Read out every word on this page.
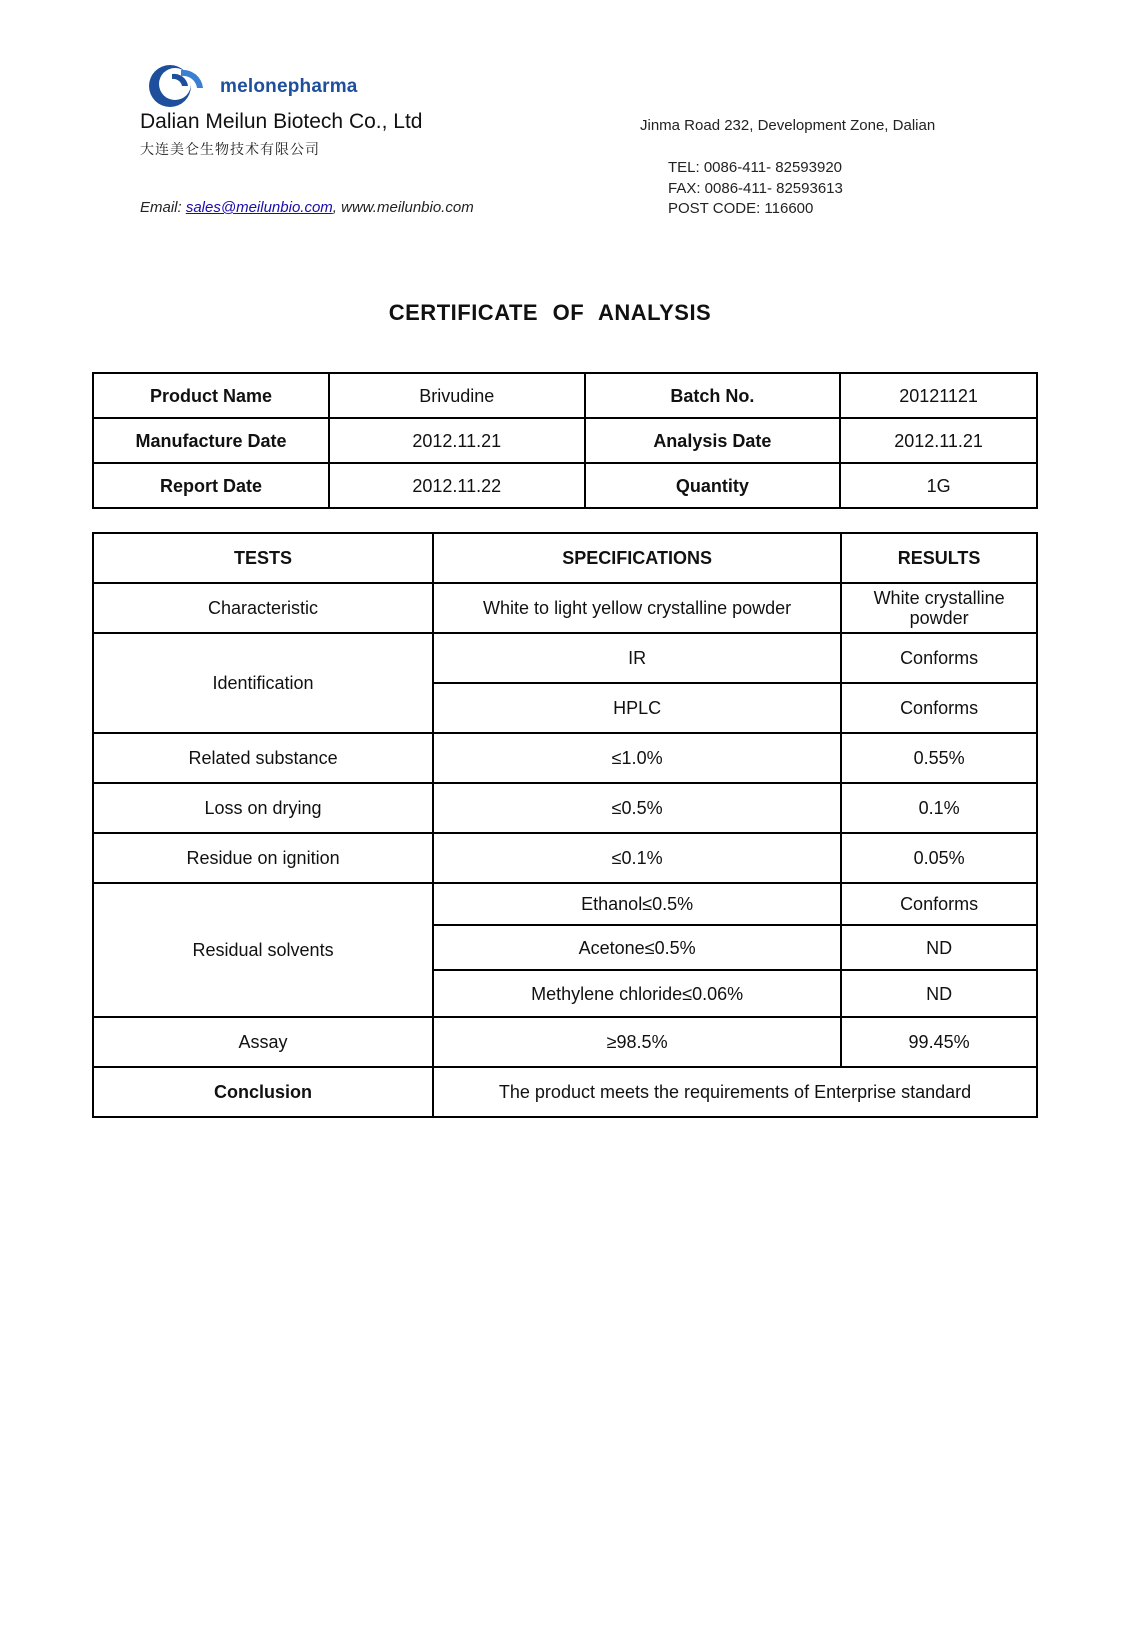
melonepharma
Dalian Meilun Biotech Co., Ltd
大连美仑生物技术有限公司
Email: sales@meilunbio.com, www.meilunbio.com
Jinma Road 232, Development Zone, Dalian
TEL: 0086-411- 82593920
FAX: 0086-411- 82593613
POST CODE: 116600
CERTIFICATE OF ANALYSIS
Product Name	Brivudine	Batch No.	20121121
Manufacture Date	2012.11.21	Analysis Date	2012.11.21
Report Date	2012.11.22	Quantity	1G
TESTS	SPECIFICATIONS	RESULTS
Characteristic	White to light yellow crystalline powder	White crystalline powder
Identification	IR	Conforms
	HPLC	Conforms
Related substance	≤1.0%	0.55%
Loss on drying	≤0.5%	0.1%
Residue on ignition	≤0.1%	0.05%
Residual solvents	Ethanol≤0.5%	Conforms
	Acetone≤0.5%	ND
	Methylene chloride≤0.06%	ND
Assay	≥98.5%	99.45%
Conclusion	The product meets the requirements of Enterprise standard	
